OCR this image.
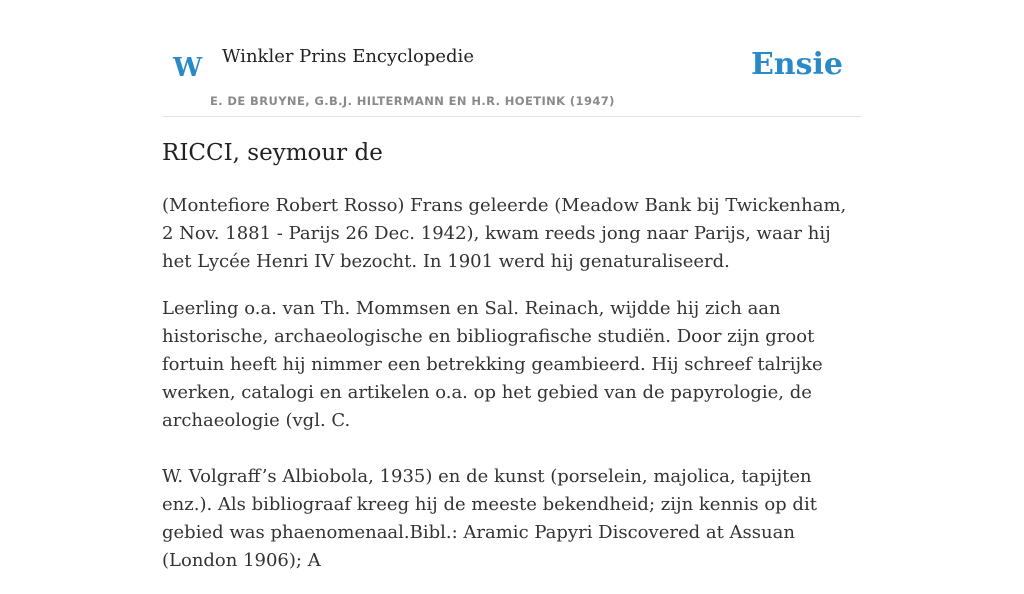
W Winkler Prins Encyclopedie
E. DE BRUYNE, G.B.J. HILTERMANN EN H.R. HOETINK (1947)
Ensie
RICCI, seymour de

(Montefiore Robert Rosso) Frans geleerde (Meadow Bank bij Twickenham, 2 Nov. 1881 - Parijs 26 Dec. 1942), kwam reeds jong naar Parijs, waar hij het Lycée Henri IV bezocht. In 1901 werd hij genaturaliseerd.

Leerling o.a. van Th. Mommsen en Sal. Reinach, wijdde hij zich aan historische, archaeologische en bibliografische studiën. Door zijn groot fortuin heeft hij nimmer een betrekking geambieerd. Hij schreef talrijke werken, catalogi en artikelen o.a. op het gebied van de papyrologie, de archaeologie (vgl. C.

W. Volgraff’s Albiobola, 1935) en de kunst (porselein, majolica, tapijten enz.). Als bibliograaf kreeg hij de meeste bekendheid; zijn kennis op dit gebied was phaenomenaal.Bibl.: Aramic Papyri Discovered at Assuan (London 1906); A
